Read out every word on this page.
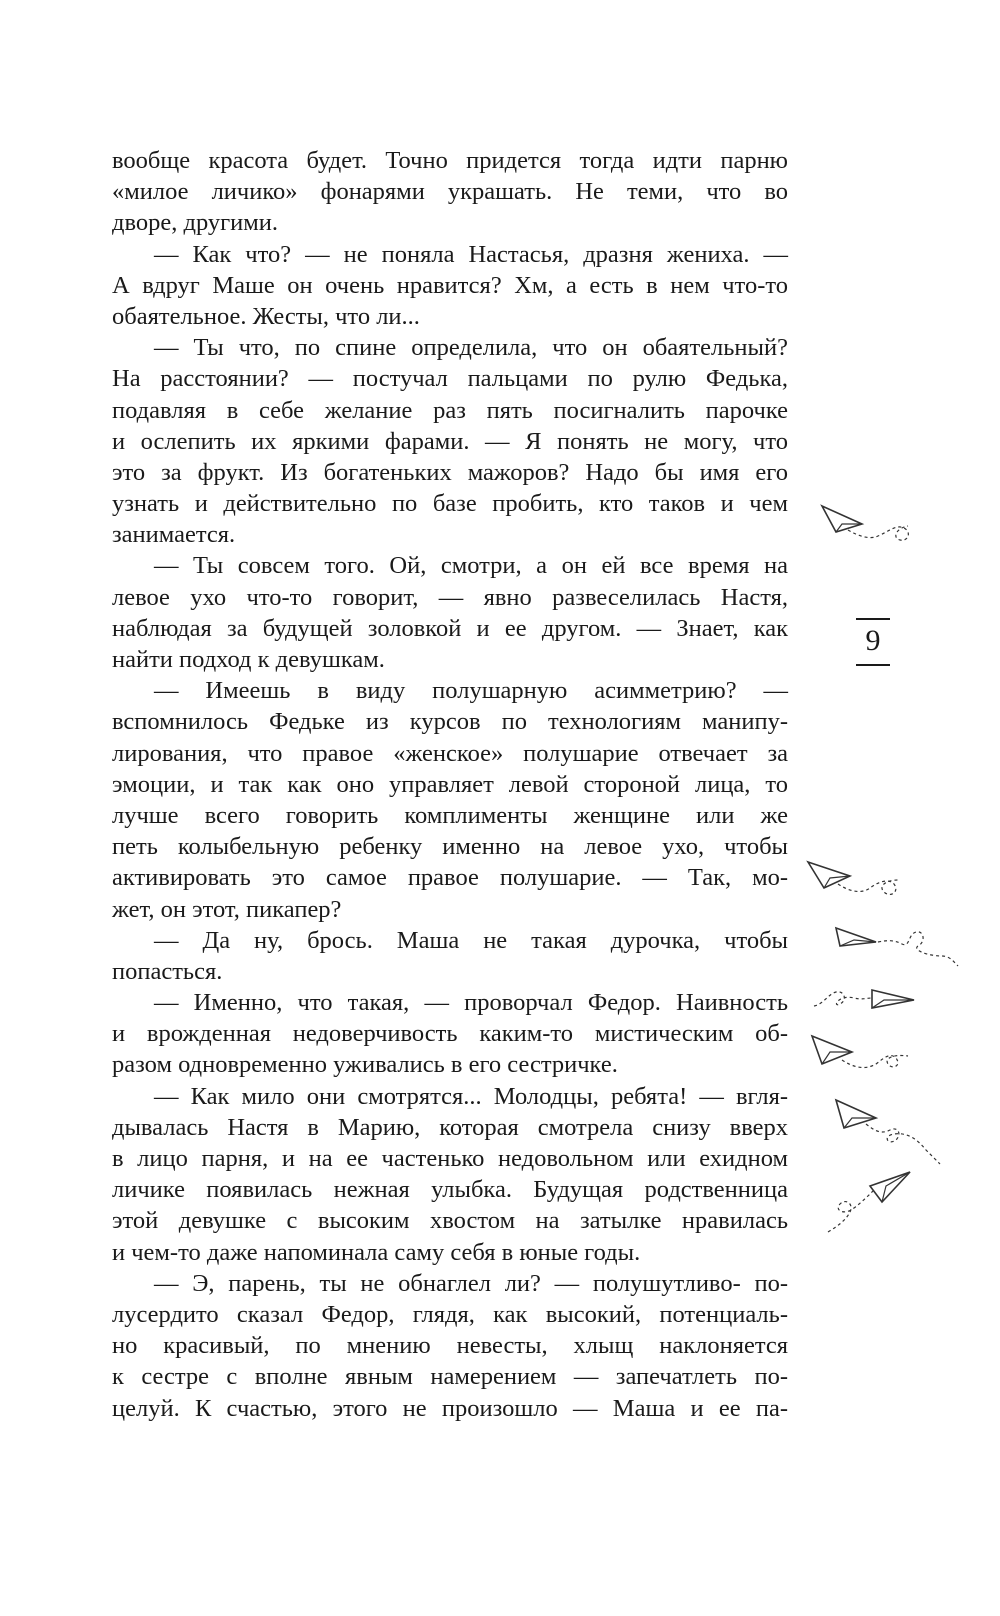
вообще красота будет. Точно придется тогда идти парню
«милое личико» фонарями украшать. Не теми, что во
дворе, другими.
— Как что? — не поняла Настасья, дразня жениха. —
А вдруг Маше он очень нравится? Хм, а есть в нем что-то
обаятельное. Жесты, что ли...
— Ты что, по спине определила, что он обаятельный?
На расстоянии? — постучал пальцами по рулю Федька,
подавляя в себе желание раз пять посигналить парочке
и ослепить их яркими фарами. — Я понять не могу, что
это за фрукт. Из богатеньких мажоров? Надо бы имя его
узнать и действительно по базе пробить, кто таков и чем
занимается.
— Ты совсем того. Ой, смотри, а он ей все время на
левое ухо что-то говорит, — явно развеселилась Настя,
наблюдая за будущей золовкой и ее другом. — Знает, как
найти подход к девушкам.
— Имеешь в виду полушарную асимметрию? —
вспомнилось Федьке из курсов по технологиям манипу-
лирования, что правое «женское» полушарие отвечает за
эмоции, и так как оно управляет левой стороной лица, то
лучше всего говорить комплименты женщине или же
петь колыбельную ребенку именно на левое ухо, чтобы
активировать это самое правое полушарие. — Так, мо-
жет, он этот, пикапер?
— Да ну, брось. Маша не такая дурочка, чтобы
попасться.
— Именно, что такая, — проворчал Федор. Наивность
и врожденная недоверчивость каким-то мистическим об-
разом одновременно уживались в его сестричке.
— Как мило они смотрятся... Молодцы, ребята! — вгля-
дывалась Настя в Марию, которая смотрела снизу вверх
в лицо парня, и на ее частенько недовольном или ехидном
личике появилась нежная улыбка. Будущая родственница
этой девушке с высоким хвостом на затылке нравилась
и чем-то даже напоминала саму себя в юные годы.
— Э, парень, ты не обнаглел ли? — полушутливо- по-
лусердито сказал Федор, глядя, как высокий, потенциаль-
но красивый, по мнению невесты, хлыщ наклоняется
к сестре с вполне явным намерением — запечатлеть по-
целуй. К счастью, этого не произошло — Маша и ее па-
9
